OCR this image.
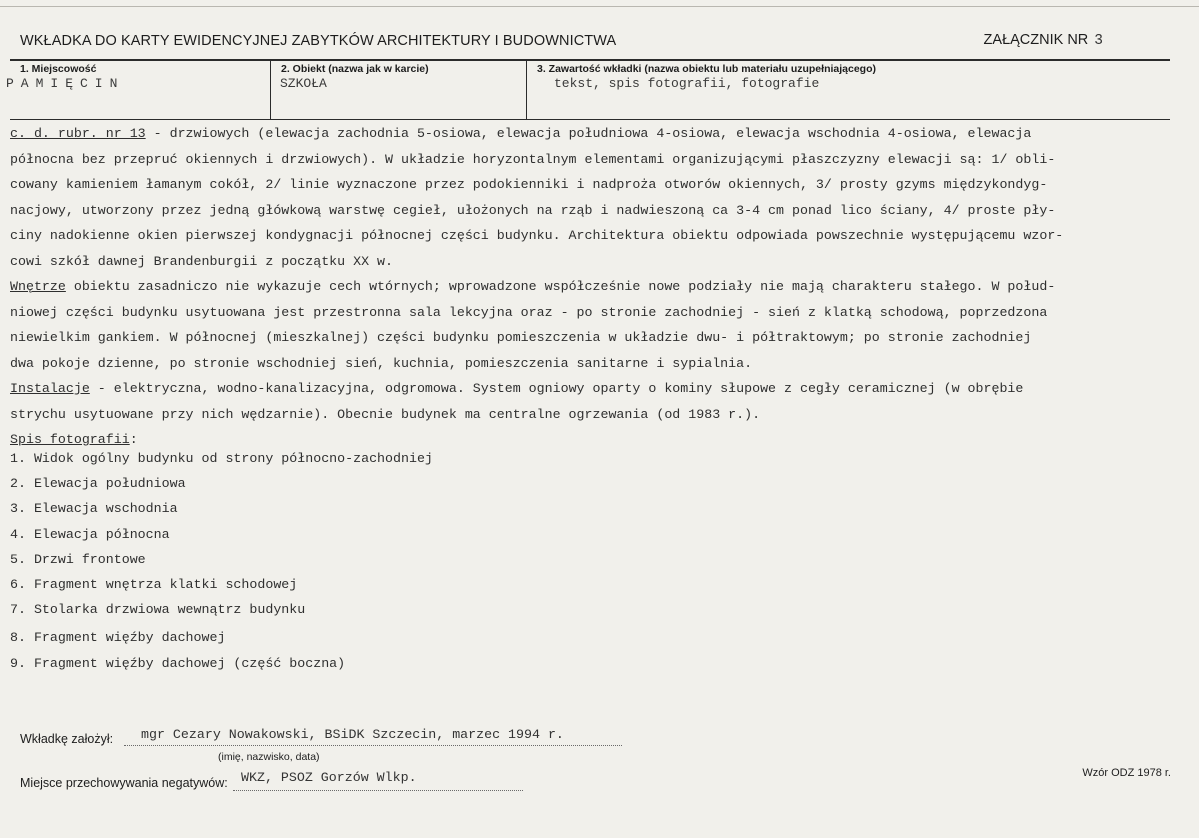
WKŁADKA DO KARTY EWIDENCYJNEJ ZABYTKÓW ARCHITEKTURY I BUDOWNICTWA	ZAŁĄCZNIK NR 3
1. Miejscowość
PAMIĘCIN
2. Obiekt (nazwa jak w karcie)
SZKOŁA
3. Zawartość wkładki (nazwa obiektu lub materiału uzupełniającego)
tekst, spis fotografii, fotografie
c. d. rubr. nr 13 - drzwiowych (elewacja zachodnia 5-osiowa, elewacja południowa 4-osiowa, elewacja wschodnia 4-osiowa, elewacja
północna bez przepruć okiennych i drzwiowych). W układzie horyzontalnym elementami organizującymi płaszczyzny elewacji są: 1/ obli-
cowany kamieniem łamanym cokół, 2/ linie wyznaczone przez podokienniki i nadproża otworów okiennych, 3/ prosty gzyms międzykondyg-
nacjowy, utworzony przez jedną główkową warstwę cegieł, ułożonych na rząb i nadwieszoną ca 3-4 cm ponad lico ściany, 4/ proste pły-
ciny nadokienne okien pierwszej kondygnacji północnej części budynku. Architektura obiektu odpowiada powszechnie występującemu wzor-
cowi szkół dawnej Brandenburgii z początku XX w.
Wnętrze obiektu zasadniczo nie wykazuje cech wtórnych; wprowadzone współcześnie nowe podziały nie mają charakteru stałego. W połud-
niowej części budynku usytuowana jest przestronna sala lekcyjna oraz - po stronie zachodniej - sień z klatką schodową, poprzedzona
niewielkim gankiem. W północnej (mieszkalnej) części budynku pomieszczenia w układzie dwu- i półtraktowym; po stronie zachodniej
dwa pokoje dzienne, po stronie wschodniej sień, kuchnia, pomieszczenia sanitarne i sypialnia.
Instalacje - elektryczna, wodno-kanalizacyjna, odgromowa. System ogniowy oparty o kominy słupowe z cegły ceramicznej (w obrębie
strychu usytuowane przy nich wędzarnie). Obecnie budynek ma centralne ogrzewania (od 1983 r.).
Spis fotografii:
1. Widok ogólny budynku od strony północno-zachodniej
2. Elewacja południowa
3. Elewacja wschodnia
4. Elewacja północna
5. Drzwi frontowe
6. Fragment wnętrza klatki schodowej
7. Stolarka drzwiowa wewnątrz budynku
8. Fragment więźby dachowej
9. Fragment więźby dachowej (część boczna)
Wkładkę założył: mgr Cezary Nowakowski, BSiDK Szczecin, marzec 1994 r.
(imię, nazwisko, data)
Miejsce przechowywania negatywów: WKZ, PSOZ Gorzów Wlkp.	Wzór ODZ 1978 r.
